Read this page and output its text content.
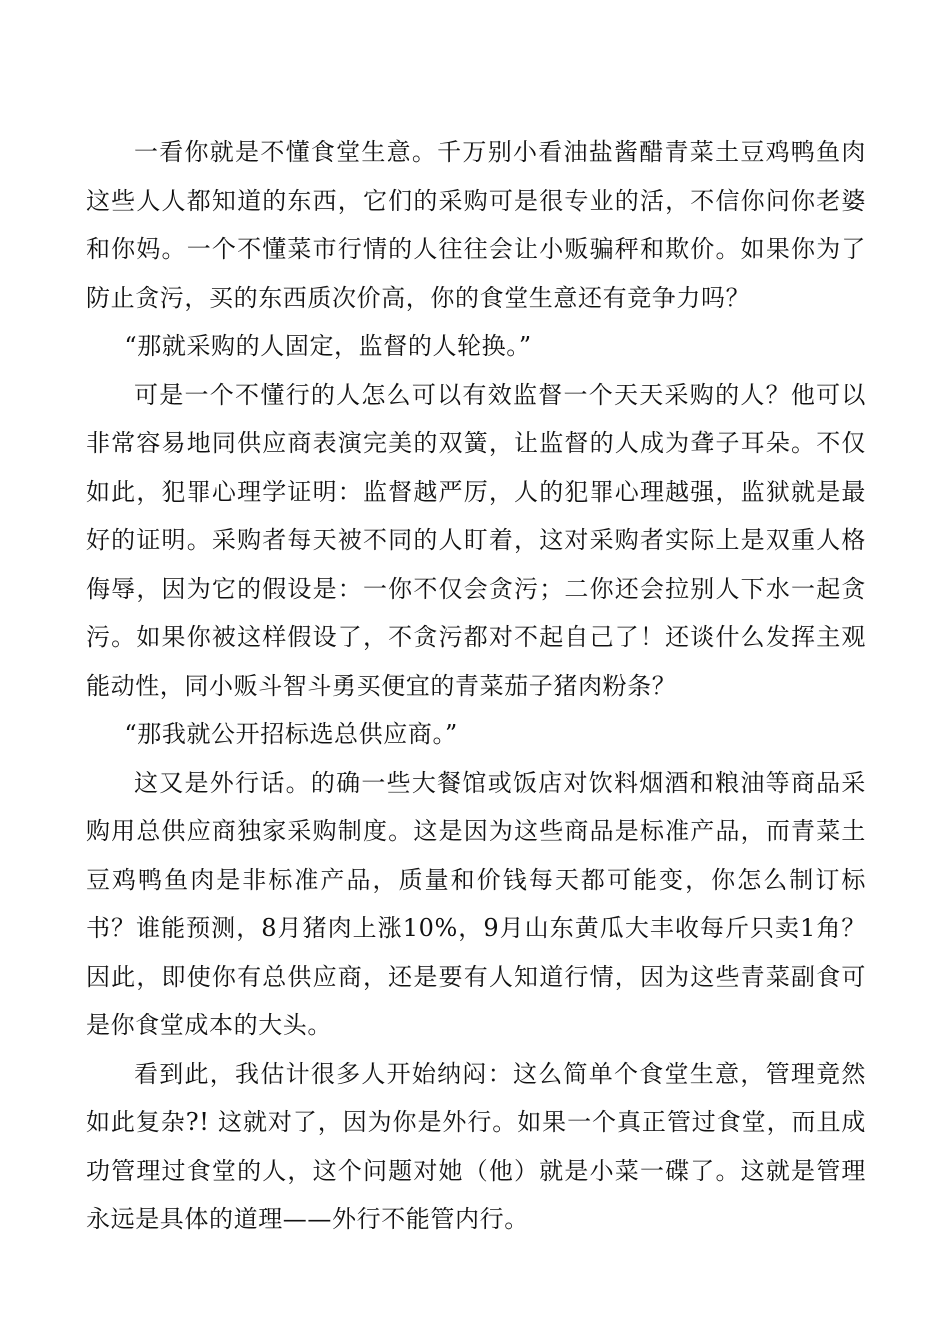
一看你就是不懂食堂生意。千万别小看油盐酱醋青菜土豆鸡鸭鱼肉这些人人都知道的东西，它们的采购可是很专业的活，不信你问你老婆和你妈。一个不懂菜市行情的人往往会让小贩骗秤和欺价。如果你为了防止贪污，买的东西质次价高，你的食堂生意还有竞争力吗？

“那就采购的人固定，监督的人轮换。”

可是一个不懂行的人怎么可以有效监督一个天天采购的人？他可以非常容易地同供应商表演完美的双簧，让监督的人成为聋子耳朵。不仅如此，犯罪心理学证明：监督越严厉，人的犯罪心理越强，监狱就是最好的证明。采购者每天被不同的人盯着，这对采购者实际上是双重人格侮辱，因为它的假设是：一你不仅会贪污；二你还会拉别人下水一起贪污。如果你被这样假设了，不贪污都对不起自己了！还谈什么发挥主观能动性，同小贩斗智斗勇买便宜的青菜茄子猪肉粉条？

“那我就公开招标选总供应商。”

这又是外行话。的确一些大餐馆或饭店对饮料烟酒和粮油等商品采购用总供应商独家采购制度。这是因为这些商品是标准产品，而青菜土豆鸡鸭鱼肉是非标准产品，质量和价钱每天都可能变，你怎么制订标书？谁能预测，8月猪肉上涨10%，9月山东黄瓜大丰收每斤只卖1角？因此，即使你有总供应商，还是要有人知道行情，因为这些青菜副食可是你食堂成本的大头。

看到此，我估计很多人开始纳闷：这么简单个食堂生意，管理竟然如此复杂?! 这就对了，因为你是外行。如果一个真正管过食堂，而且成功管理过食堂的人，这个问题对她（他）就是小菜一碟了。这就是管理永远是具体的道理——外行不能管内行。
